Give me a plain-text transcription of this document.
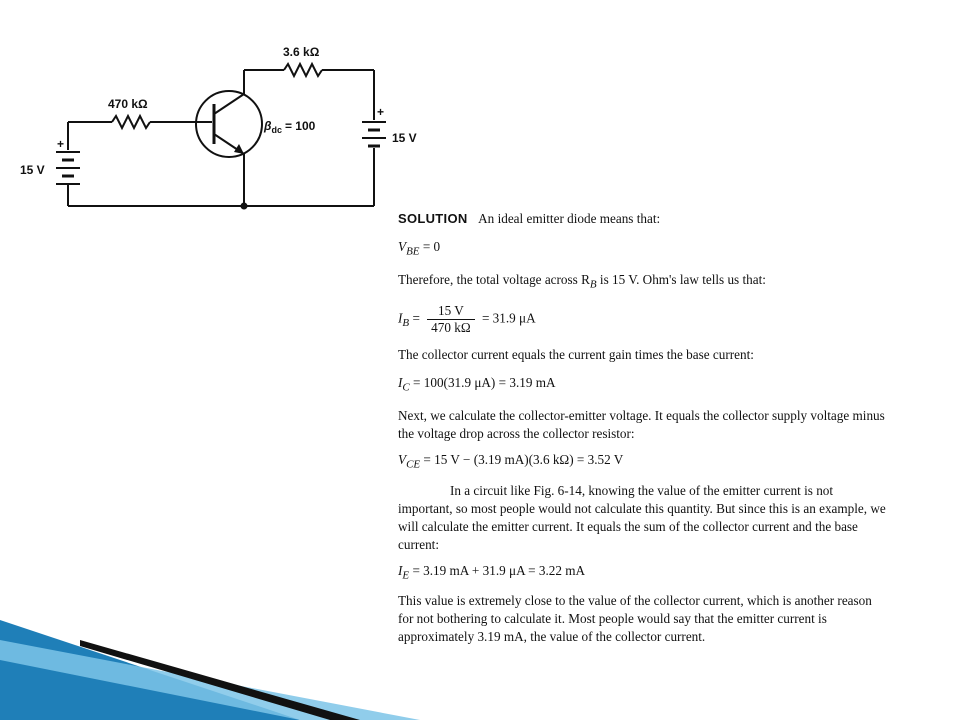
3.6 kΩ
470 kΩ
$\beta_{dc} = 100$
15 V
15 V
+
+

SOLUTION An ideal emitter diode means that:

$V_{BE} = 0$

Therefore, the total voltage across $R_B$ is 15 V. Ohm's law tells us that:

$I_B = \frac{15 V}{470 k\Omega} = 31.9$ μA

The collector current equals the current gain times the base current:

$I_C = 100(31.9$ μA) = 3.19 mA

Next, we calculate the collector-emitter voltage. It equals the collector supply voltage minus the voltage drop across the collector resistor:

$V_{CE} = 15$ V − (3.19 mA)(3.6 kΩ) = 3.52 V

In a circuit like Fig. 6-14, knowing the value of the emitter current is not important, so most people would not calculate this quantity. But since this is an example, we will calculate the emitter current. It equals the sum of the collector current and the base current:

$I_E = 3.19$ mA + 31.9 μA = 3.22 mA

This value is extremely close to the value of the collector current, which is another reason for not bothering to calculate it. Most people would say that the emitter current is approximately 3.19 mA, the value of the collector current.
